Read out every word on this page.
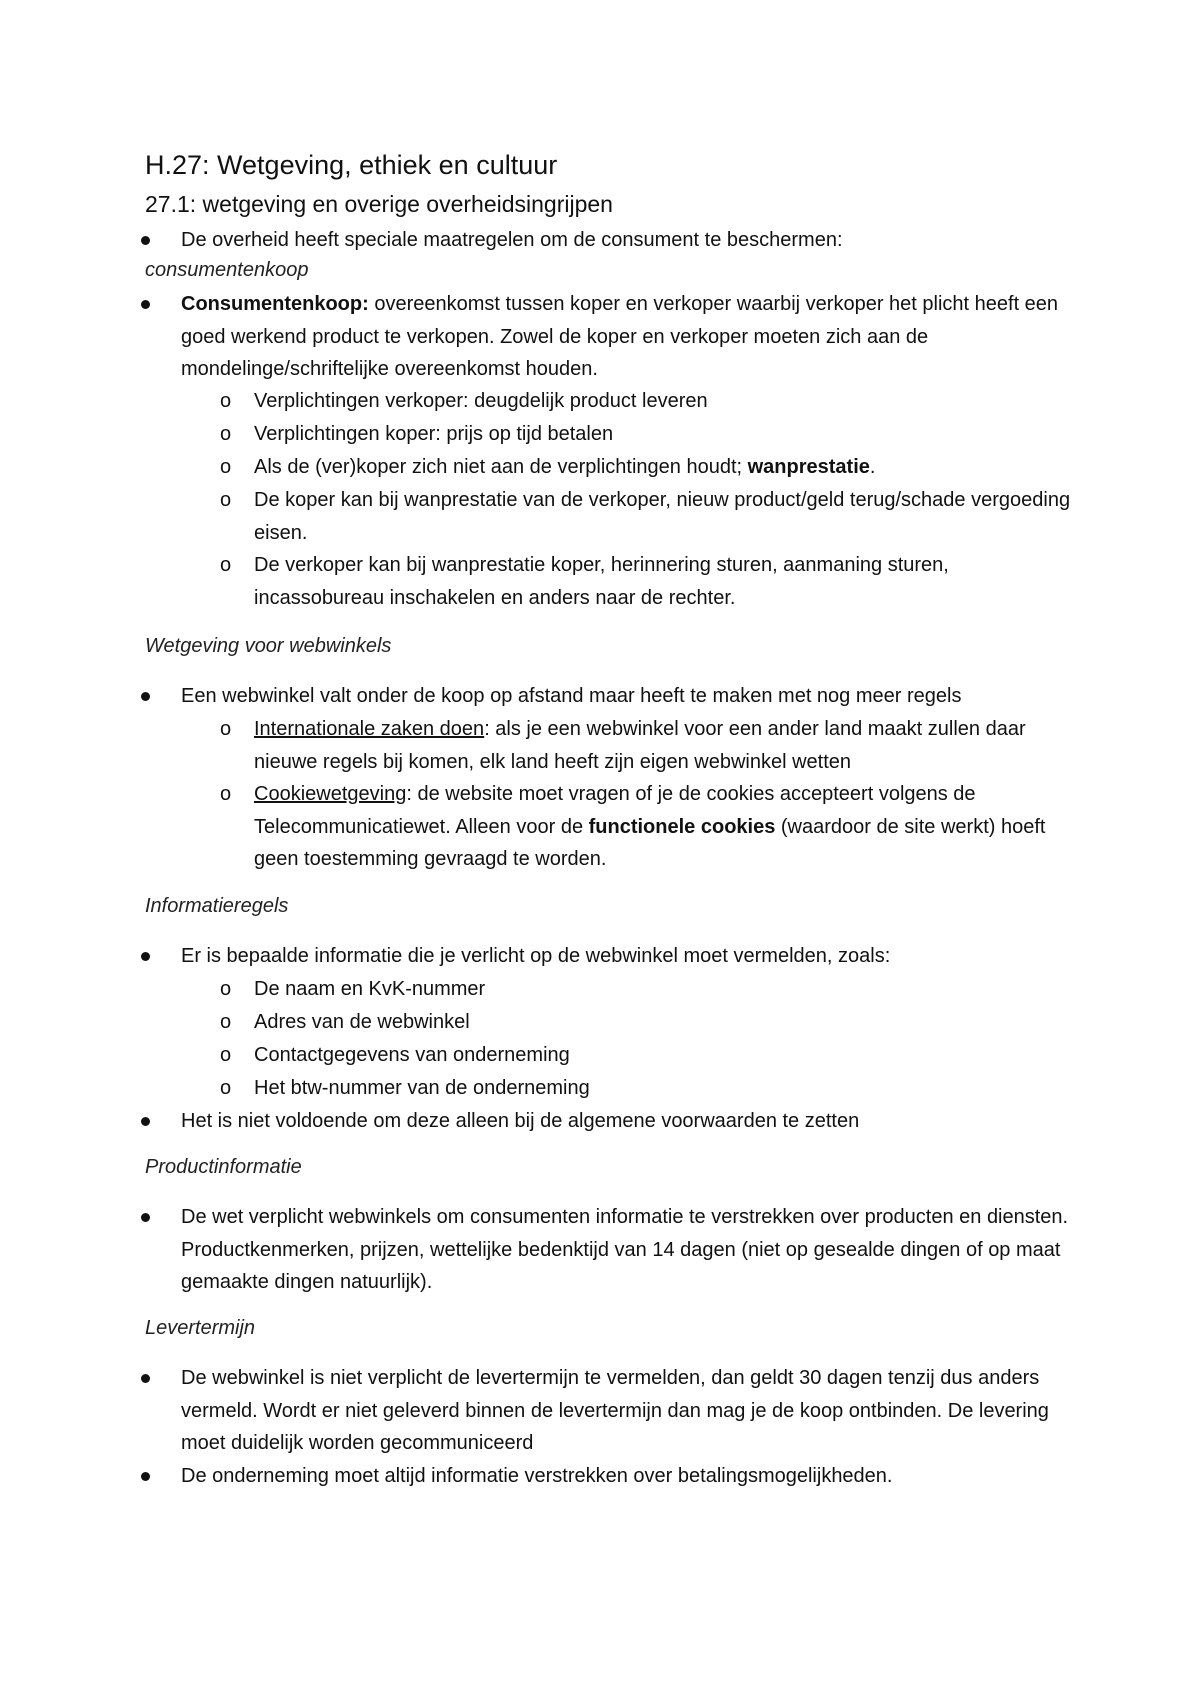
H.27: Wetgeving, ethiek en cultuur
27.1: wetgeving en overige overheidsingrijpen
De overheid heeft speciale maatregelen om de consument te beschermen:
consumentenkoop
Consumentenkoop: overeenkomst tussen koper en verkoper waarbij verkoper het plicht heeft een goed werkend product te verkopen. Zowel de koper en verkoper moeten zich aan de mondelinge/schriftelijke overeenkomst houden.
o Verplichtingen verkoper: deugdelijk product leveren
o Verplichtingen koper: prijs op tijd betalen
o Als de (ver)koper zich niet aan de verplichtingen houdt; wanprestatie.
o De koper kan bij wanprestatie van de verkoper, nieuw product/geld terug/schade vergoeding eisen.
o De verkoper kan bij wanprestatie koper, herinnering sturen, aanmaning sturen, incassobureau inschakelen en anders naar de rechter.
Wetgeving voor webwinkels
Een webwinkel valt onder de koop op afstand maar heeft te maken met nog meer regels
o Internationale zaken doen: als je een webwinkel voor een ander land maakt zullen daar nieuwe regels bij komen, elk land heeft zijn eigen webwinkel wetten
o Cookiewetgeving: de website moet vragen of je de cookies accepteert volgens de Telecommunicatiewet. Alleen voor de functionele cookies (waardoor de site werkt) hoeft geen toestemming gevraagd te worden.
Informatieregels
Er is bepaalde informatie die je verlicht op de webwinkel moet vermelden, zoals:
o De naam en KvK-nummer
o Adres van de webwinkel
o Contactgegevens van onderneming
o Het btw-nummer van de onderneming
Het is niet voldoende om deze alleen bij de algemene voorwaarden te zetten
Productinformatie
De wet verplicht webwinkels om consumenten informatie te verstrekken over producten en diensten. Productkenmerken, prijzen, wettelijke bedenktijd van 14 dagen (niet op gesealde dingen of op maat gemaakte dingen natuurlijk).
Levertermijn
De webwinkel is niet verplicht de levertermijn te vermelden, dan geldt 30 dagen tenzij dus anders vermeld. Wordt er niet geleverd binnen de levertermijn dan mag je de koop ontbinden. De levering moet duidelijk worden gecommuniceerd
De onderneming moet altijd informatie verstrekken over betalingsmogelijkheden.
